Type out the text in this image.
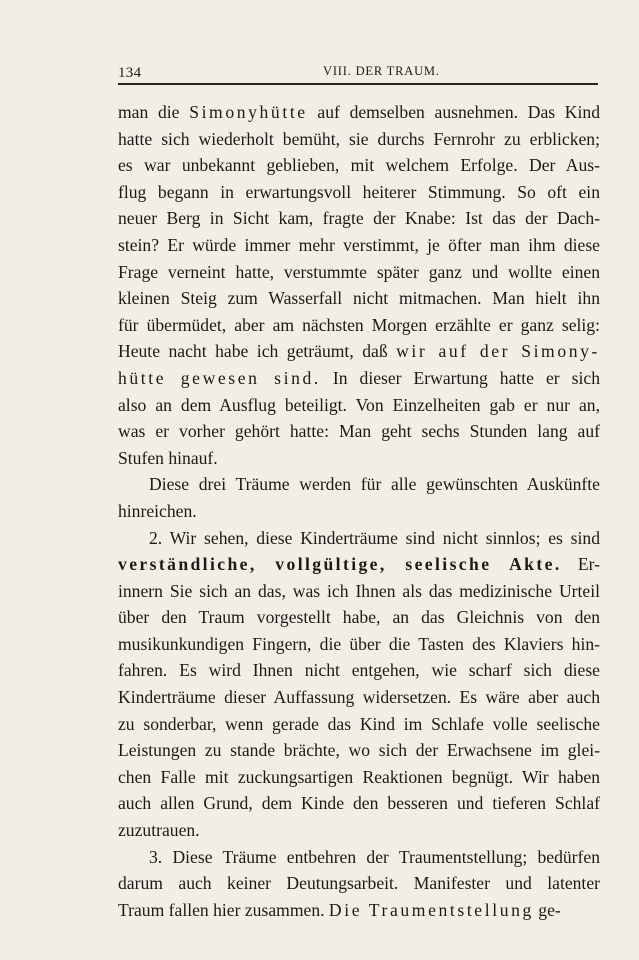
134	VIII. DER TRAUM.
man die Simonyhütte auf demselben ausnehmen. Das Kind
hatte sich wiederholt bemüht, sie durchs Fernrohr zu erblicken;
es war unbekannt geblieben, mit welchem Erfolge. Der Aus-
flug begann in erwartungsvoll heiterer Stimmung. So oft ein
neuer Berg in Sicht kam, fragte der Knabe: Ist das der Dach-
stein? Er würde immer mehr verstimmt, je öfter man ihm diese
Frage verneint hatte, verstummte später ganz und wollte einen
kleinen Steig zum Wasserfall nicht mitmachen. Man hielt ihn
für übermüdet, aber am nächsten Morgen erzählte er ganz selig:
Heute nacht habe ich geträumt, daß wir auf der Simony-
hütte gewesen sind. In dieser Erwartung hatte er sich
also an dem Ausflug beteiligt. Von Einzelheiten gab er nur an,
was er vorher gehört hatte: Man geht sechs Stunden lang auf
Stufen hinauf.
Diese drei Träume werden für alle gewünschten Auskünfte
hinreichen.
2. Wir sehen, diese Kinderträume sind nicht sinnlos; es sind
verständliche, vollgültige, seelische Akte. Er-
innern Sie sich an das, was ich Ihnen als das medizinische Urteil
über den Traum vorgestellt habe, an das Gleichnis von den
musikunkundigen Fingern, die über die Tasten des Klaviers hin-
fahren. Es wird Ihnen nicht entgehen, wie scharf sich diese
Kinderträume dieser Auffassung widersetzen. Es wäre aber auch
zu sonderbar, wenn gerade das Kind im Schlafe volle seelische
Leistungen zu stande brächte, wo sich der Erwachsene im glei-
chen Falle mit zuckungsartigen Reaktionen begnügt. Wir haben
auch allen Grund, dem Kinde den besseren und tieferen Schlaf
zuzutrauen.
3. Diese Träume entbehren der Traumentstellung; bedürfen
darum auch keiner Deutungsarbeit. Manifester und latenter
Traum fallen hier zusammen. Die Traumentstellung ge-
